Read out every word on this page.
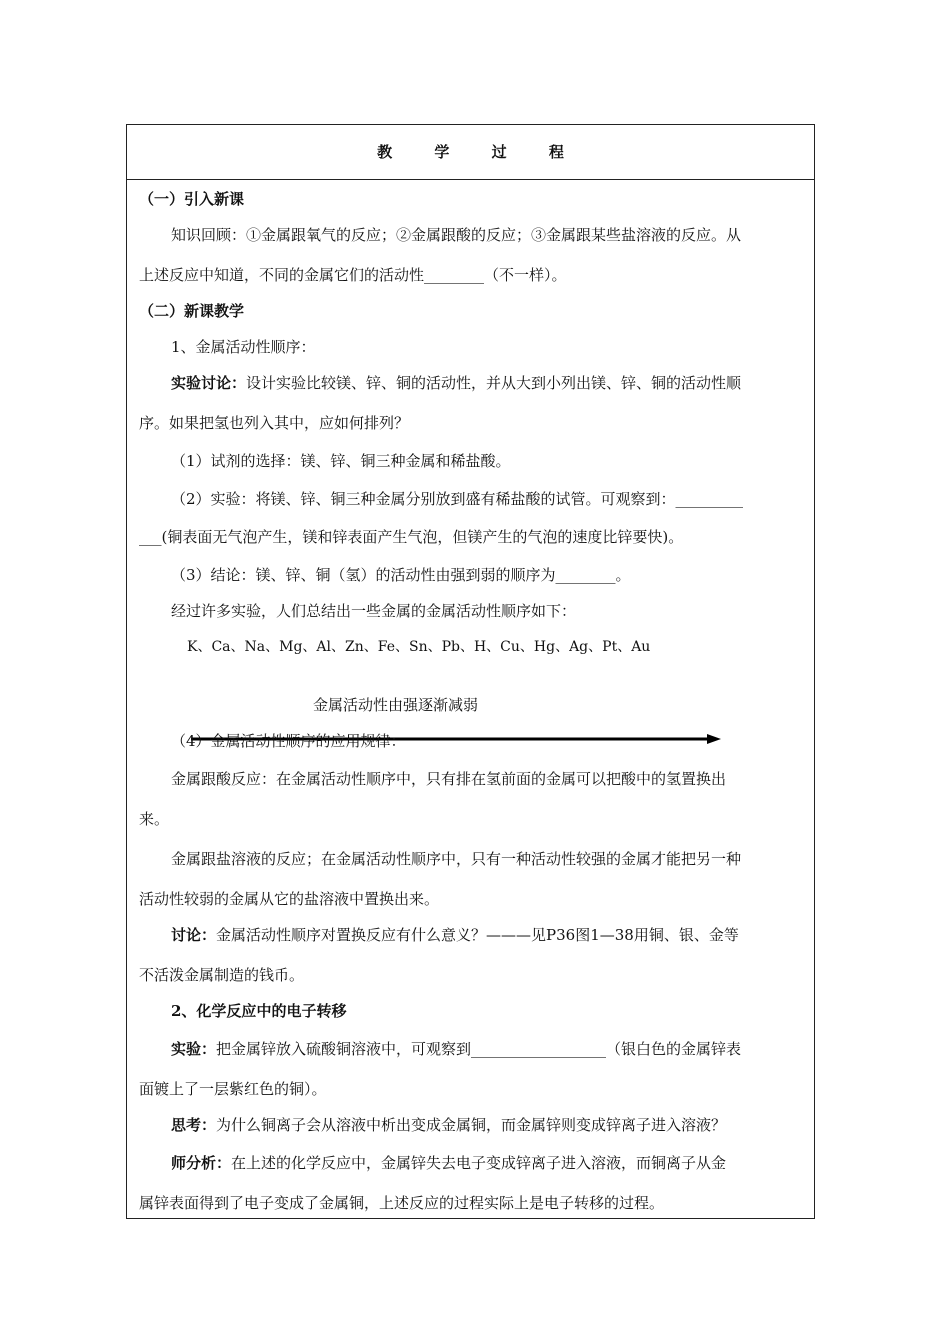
教	学	过	程
（一）引入新课
知识回顾：①金属跟氧气的反应；②金属跟酸的反应；③金属跟某些盐溶液的反应。从
上述反应中知道，不同的金属它们的活动性________（不一样）。
（二）新课教学
1、金属活动性顺序：
实验讨论：设计实验比较镁、锌、铜的活动性，并从大到小列出镁、锌、铜的活动性顺
序。如果把氢也列入其中，应如何排列？
（1）试剂的选择：镁、锌、铜三种金属和稀盐酸。
（2）实验：将镁、锌、铜三种金属分别放到盛有稀盐酸的试管。可观察到：_________
___(铜表面无气泡产生，镁和锌表面产生气泡，但镁产生的气泡的速度比锌要快)。
（3）结论：镁、锌、铜（氢）的活动性由强到弱的顺序为________。
经过许多实验，人们总结出一些金属的金属活动性顺序如下：
K、Ca、Na、Mg、Al、Zn、Fe、Sn、Pb、H、Cu、Hg、Ag、Pt、Au
金属活动性由强逐渐减弱
（4）金属活动性顺序的应用规律：
金属跟酸反应：在金属活动性顺序中，只有排在氢前面的金属可以把酸中的氢置换出
来。
金属跟盐溶液的反应；在金属活动性顺序中，只有一种活动性较强的金属才能把另一种
活动性较弱的金属从它的盐溶液中置换出来。
讨论：金属活动性顺序对置换反应有什么意义？———见P36图1—38用铜、银、金等
不活泼金属制造的钱币。
2、化学反应中的电子转移
实验：把金属锌放入硫酸铜溶液中，可观察到__________________（银白色的金属锌表
面镀上了一层紫红色的铜）。
思考：为什么铜离子会从溶液中析出变成金属铜，而金属锌则变成锌离子进入溶液？
师分析：在上述的化学反应中，金属锌失去电子变成锌离子进入溶液，而铜离子从金
属锌表面得到了电子变成了金属铜，上述反应的过程实际上是电子转移的过程。
